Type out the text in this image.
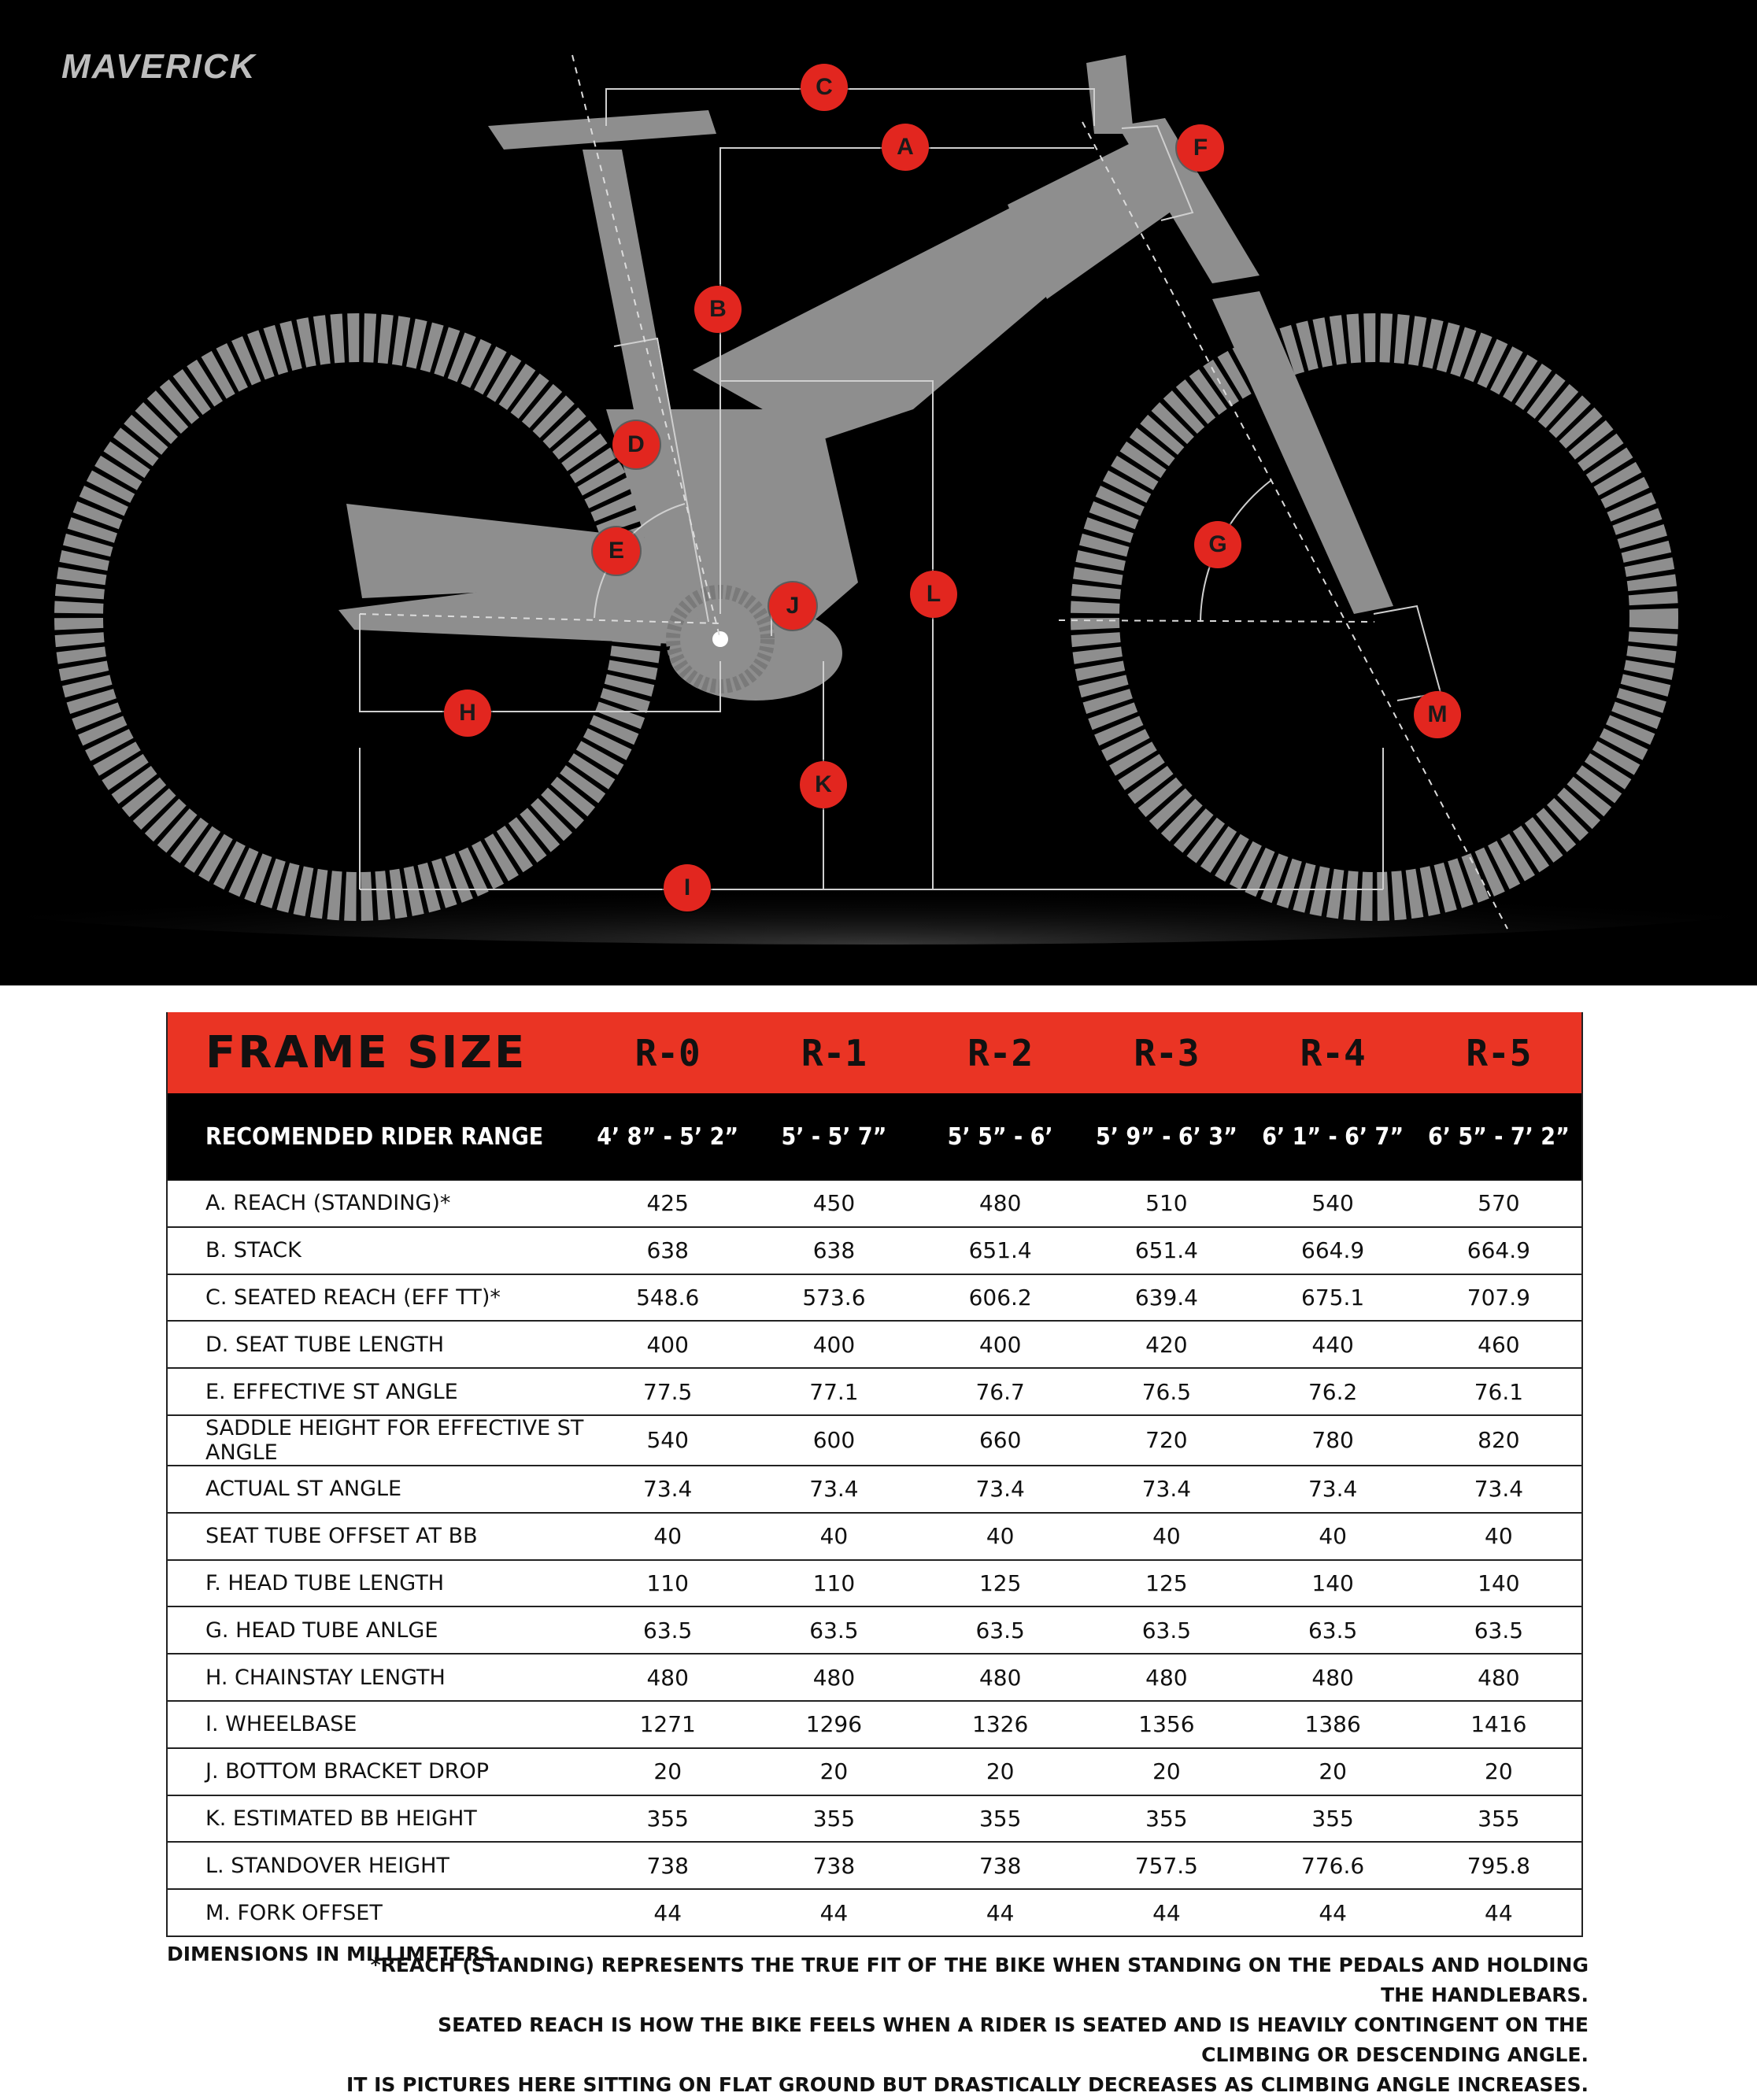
MAVERICK
C
A	F
B
D
E	G
L
J
H	M
K
I
FRAME SIZE	R-0	R-1	R-2	R-3	R-4	R-5
RECOMENDED RIDER RANGE	4’ 8” - 5’ 2”	5’ - 5’ 7”	5’ 5” - 6’	5’ 9” - 6’ 3”	6’ 1” - 6’ 7”	6’ 5” - 7’ 2”
A. REACH (STANDING)*	425	450	480	510	540	570
B. STACK	638	638	651.4	651.4	664.9	664.9
C. SEATED REACH (EFF TT)*	548.6	573.6	606.2	639.4	675.1	707.9
D. SEAT TUBE LENGTH	400	400	400	420	440	460
E. EFFECTIVE ST ANGLE	77.5	77.1	76.7	76.5	76.2	76.1
SADDLE HEIGHT FOR EFFECTIVE ST ANGLE	540	600	660	720	780	820
ACTUAL ST ANGLE	73.4	73.4	73.4	73.4	73.4	73.4
SEAT TUBE OFFSET AT BB	40	40	40	40	40	40
F. HEAD TUBE LENGTH	110	110	125	125	140	140
G. HEAD TUBE ANLGE	63.5	63.5	63.5	63.5	63.5	63.5
H. CHAINSTAY LENGTH	480	480	480	480	480	480
I. WHEELBASE	1271	1296	1326	1356	1386	1416
J. BOTTOM BRACKET DROP	20	20	20	20	20	20
K. ESTIMATED BB HEIGHT	355	355	355	355	355	355
L. STANDOVER HEIGHT	738	738	738	757.5	776.6	795.8
M. FORK OFFSET	44	44	44	44	44	44
DIMENSIONS IN MILLIMETERS
*REACH (STANDING) REPRESENTS THE TRUE FIT OF THE BIKE WHEN STANDING ON THE PEDALS AND HOLDING THE HANDLEBARS.
SEATED REACH IS HOW THE BIKE FEELS WHEN A RIDER IS SEATED AND IS HEAVILY CONTINGENT ON THE CLIMBING OR DESCENDING ANGLE.
IT IS PICTURES HERE SITTING ON FLAT GROUND BUT DRASTICALLY DECREASES AS CLIMBING ANGLE INCREASES.
